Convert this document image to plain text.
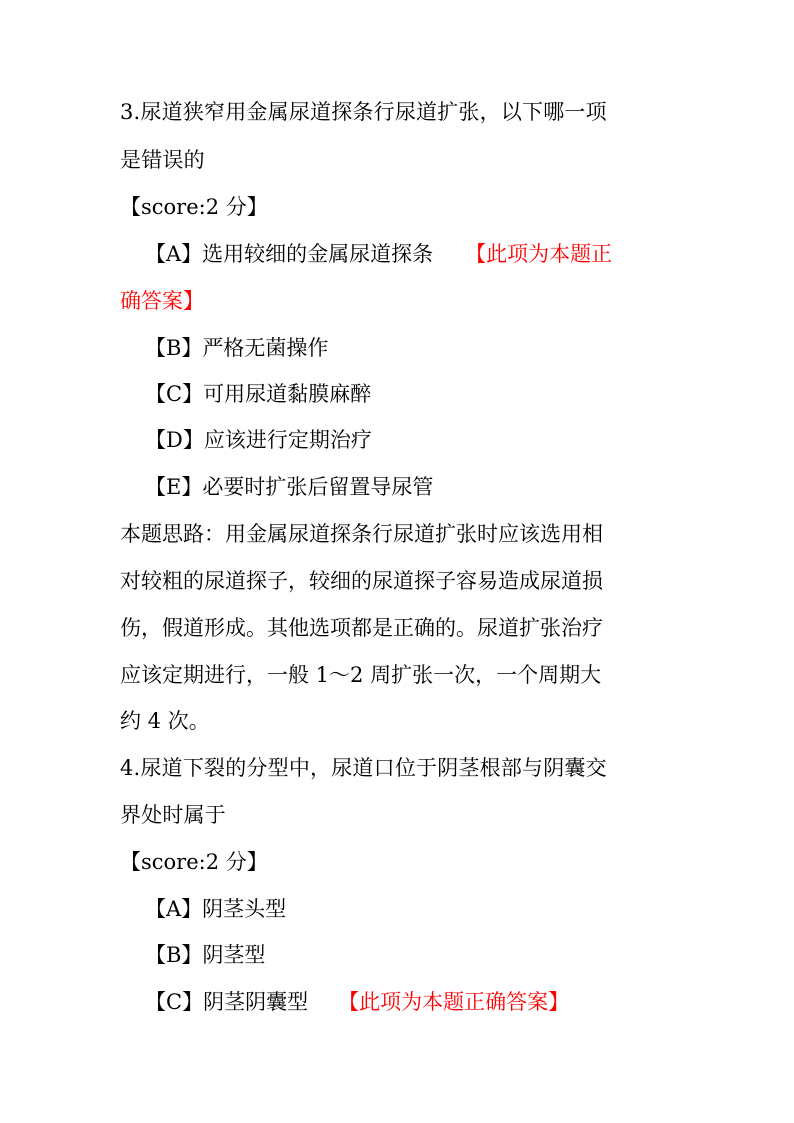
3.尿道狭窄用金属尿道探条行尿道扩张，以下哪一项
是错误的
【score:2 分】
【A】选用较细的金属尿道探条 【此项为本题正
确答案】
【B】严格无菌操作
【C】可用尿道黏膜麻醉
【D】应该进行定期治疗
【E】必要时扩张后留置导尿管
本题思路：用金属尿道探条行尿道扩张时应该选用相
对较粗的尿道探子，较细的尿道探子容易造成尿道损
伤，假道形成。其他选项都是正确的。尿道扩张治疗
应该定期进行，一般 1～2 周扩张一次，一个周期大
约 4 次。
4.尿道下裂的分型中，尿道口位于阴茎根部与阴囊交
界处时属于
【score:2 分】
【A】阴茎头型
【B】阴茎型
【C】阴茎阴囊型 【此项为本题正确答案】
